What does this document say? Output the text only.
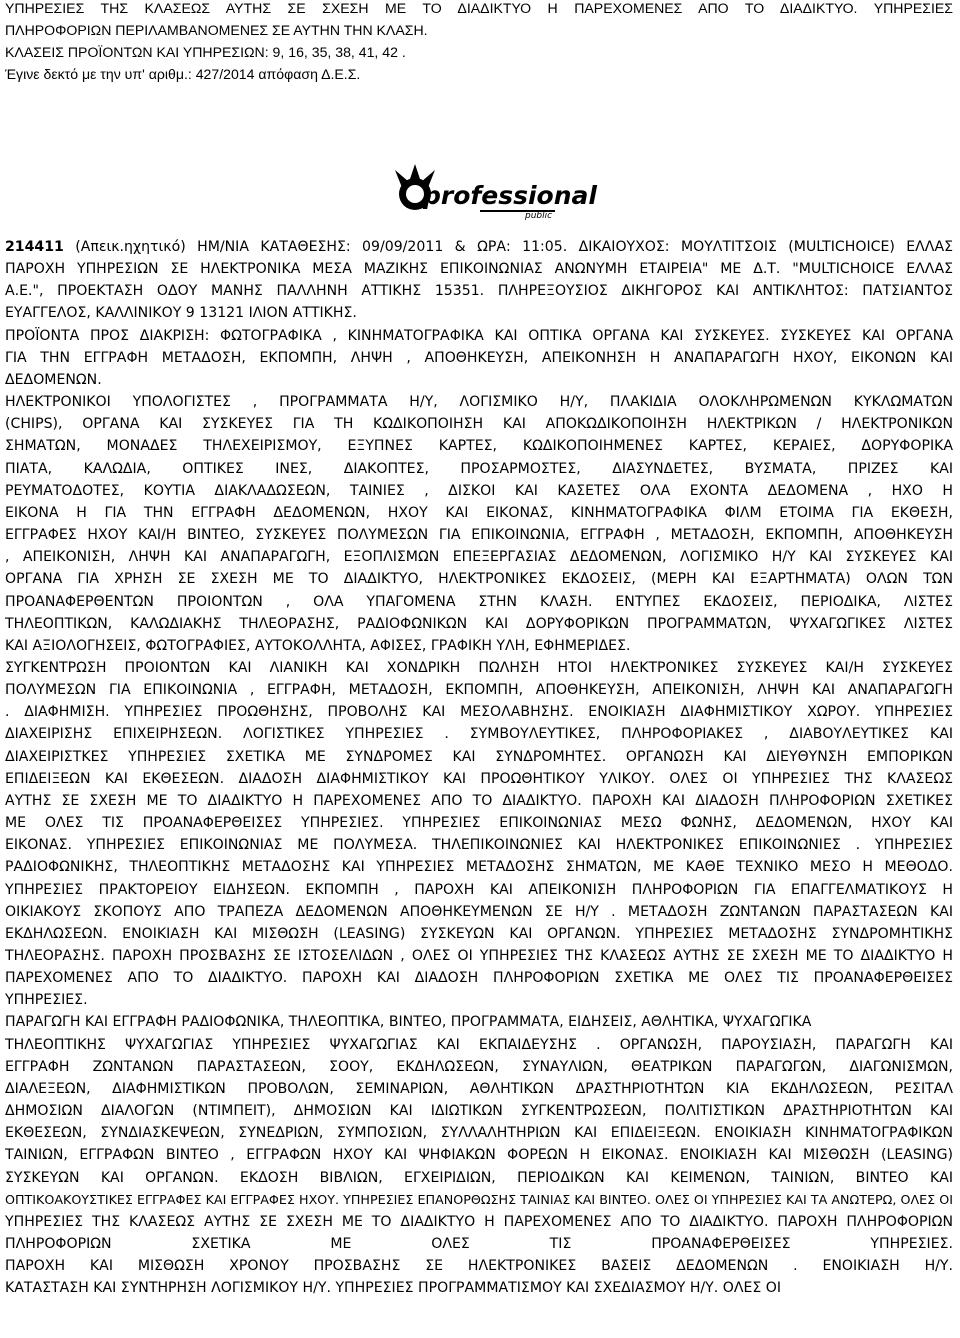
ΥΠΗΡΕΣΙΕΣ ΤΗΣ ΚΛΑΣΕΩΣ ΑΥΤΗΣ ΣΕ ΣΧΕΣΗ ΜΕ ΤΟ ΔΙΑΔΙΚΤΥΟ Η ΠΑΡΕΧΟΜΕΝΕΣ ΑΠΟ ΤΟ ΔΙΑΔΙΚΤΥΟ. ΥΠΗΡΕΣΙΕΣ
ΠΛΗΡΟΦΟΡΙΩΝ ΠΕΡΙΛΑΜΒΑΝΟΜΕΝΕΣ ΣΕ ΑΥΤΗΝ ΤΗΝ ΚΛΑΣΗ.
ΚΛΑΣΕΙΣ ΠΡΟΪΟΝΤΩΝ ΚΑΙ ΥΠΗΡΕΣΙΩΝ: 9, 16, 35, 38, 41, 42 .
Έγινε δεκτό με την υπ' αριθμ.: 427/2014 απόφαση Δ.Ε.Σ.
professional
public
214411 (Απεικ.ηχητικό) ΗΜ/ΝΙΑ ΚΑΤΑΘΕΣΗΣ: 09/09/2011 & ΩΡΑ: 11:05. ΔΙΚΑΙΟΥΧΟΣ: ΜΟΥΛΤΙΤΣΟΙΣ (MULTICHOICE) ΕΛΛΑΣ
ΠΑΡΟΧΗ ΥΠΗΡΕΣΙΩΝ ΣΕ ΗΛΕΚΤΡΟΝΙΚΑ ΜΕΣΑ ΜΑΖΙΚΗΣ ΕΠΙΚΟΙΝΩΝΙΑΣ ΑΝΩΝΥΜΗ ΕΤΑΙΡΕΙΑ" ΜΕ Δ.Τ. "MULTICHOICE ΕΛΛΑΣ
Α.Ε.", ΠΡΟΕΚΤΑΣΗ ΟΔΟΥ ΜΑΝΗΣ ΠΑΛΛΗΝΗ ΑΤΤΙΚΗΣ 15351. ΠΛΗΡΕΞΟΥΣΙΟΣ ΔΙΚΗΓΟΡΟΣ ΚΑΙ ΑΝΤΙΚΛΗΤΟΣ: ΠΑΤΣΙΑΝΤΟΣ
ΕΥΑΓΓΕΛΟΣ, ΚΑΛΛΙΝΙΚΟΥ 9 13121 ΙΛΙΟΝ ΑΤΤΙΚΗΣ.
ΠΡΟΪΟΝΤΑ ΠΡΟΣ ΔΙΑΚΡΙΣΗ: ΦΩΤΟΓΡΑΦΙΚΑ , ΚΙΝΗΜΑΤΟΓΡΑΦΙΚΑ ΚΑΙ ΟΠΤΙΚΑ ΟΡΓΑΝΑ ΚΑΙ ΣΥΣΚΕΥΕΣ. ΣΥΣΚΕΥΕΣ ΚΑΙ ΟΡΓΑΝΑ
ΓΙΑ ΤΗΝ ΕΓΓΡΑΦΗ ΜΕΤΑΔΟΣΗ, ΕΚΠΟΜΠΗ, ΛΗΨΗ , ΑΠΟΘΗΚΕΥΣΗ, ΑΠΕΙΚΟΝΗΣΗ Η ΑΝΑΠΑΡΑΓΩΓΗ ΗΧΟΥ, ΕΙΚΟΝΩΝ ΚΑΙ
ΔΕΔΟΜΕΝΩΝ.
ΗΛΕΚΤΡΟΝΙΚΟΙ ΥΠΟΛΟΓΙΣΤΕΣ , ΠΡΟΓΡΑΜΜΑΤΑ Η/Υ, ΛΟΓΙΣΜΙΚΟ Η/Υ, ΠΛΑΚΙΔΙΑ ΟΛΟΚΛΗΡΩΜΕΝΩΝ ΚΥΚΛΩΜΑΤΩΝ
(CHIPS), ΟΡΓΑΝΑ ΚΑΙ ΣΥΣΚΕΥΕΣ ΓΙΑ ΤΗ ΚΩΔΙΚΟΠΟΙΗΣΗ ΚΑΙ ΑΠΟΚΩΔΙΚΟΠΟΙΗΣΗ ΗΛΕΚΤΡΙΚΩΝ / ΗΛΕΚΤΡΟΝΙΚΩΝ
ΣΗΜΑΤΩΝ, ΜΟΝΑΔΕΣ ΤΗΛΕΧΕΙΡΙΣΜΟΥ, ΕΞΥΠΝΕΣ ΚΑΡΤΕΣ, ΚΩΔΙΚΟΠΟΙΗΜΕΝΕΣ ΚΑΡΤΕΣ, ΚΕΡΑΙΕΣ, ΔΟΡΥΦΟΡΙΚΑ
ΠΙΑΤΑ, ΚΑΛΩΔΙΑ, ΟΠΤΙΚΕΣ ΙΝΕΣ, ΔΙΑΚΟΠΤΕΣ, ΠΡΟΣΑΡΜΟΣΤΕΣ, ΔΙΑΣΥΝΔΕΤΕΣ, ΒΥΣΜΑΤΑ, ΠΡΙΖΕΣ ΚΑΙ
ΡΕΥΜΑΤΟΔΟΤΕΣ, ΚΟΥΤΙΑ ΔΙΑΚΛΑΔΩΣΕΩΝ, ΤΑΙΝΙΕΣ , ΔΙΣΚΟΙ ΚΑΙ ΚΑΣΕΤΕΣ ΟΛΑ ΕΧΟΝΤΑ ΔΕΔΟΜΕΝΑ , ΗΧΟ Η
ΕΙΚΟΝΑ Η ΓΙΑ ΤΗΝ ΕΓΓΡΑΦΗ ΔΕΔΟΜΕΝΩΝ, ΗΧΟΥ ΚΑΙ ΕΙΚΟΝΑΣ, ΚΙΝΗΜΑΤΟΓΡΑΦΙΚΑ ΦΙΛΜ ΕΤΟΙΜΑ ΓΙΑ ΕΚΘΕΣΗ,
ΕΓΓΡΑΦΕΣ ΗΧΟΥ ΚΑΙ/Η ΒΙΝΤΕΟ, ΣΥΣΚΕΥΕΣ ΠΟΛΥΜΕΣΩΝ ΓΙΑ ΕΠΙΚΟΙΝΩΝΙΑ, ΕΓΓΡΑΦΗ , ΜΕΤΑΔΟΣΗ, ΕΚΠΟΜΠΗ, ΑΠΟΘΗΚΕΥΣΗ
, ΑΠΕΙΚΟΝΙΣΗ, ΛΗΨΗ ΚΑΙ ΑΝΑΠΑΡΑΓΩΓΗ, ΕΞΟΠΛΙΣΜΩΝ ΕΠΕΞΕΡΓΑΣΙΑΣ ΔΕΔΟΜΕΝΩΝ, ΛΟΓΙΣΜΙΚΟ Η/Υ ΚΑΙ ΣΥΣΚΕΥΕΣ ΚΑΙ
ΟΡΓΑΝΑ ΓΙΑ ΧΡΗΣΗ ΣΕ ΣΧΕΣΗ ΜΕ ΤΟ ΔΙΑΔΙΚΤΥΟ, ΗΛΕΚΤΡΟΝΙΚΕΣ ΕΚΔΟΣΕΙΣ, (ΜΕΡΗ ΚΑΙ ΕΞΑΡΤΗΜΑΤΑ) ΟΛΩΝ ΤΩΝ
ΠΡΟΑΝΑΦΕΡΘΕΝΤΩΝ ΠΡΟΙΟΝΤΩΝ , ΟΛΑ ΥΠΑΓΟΜΕΝΑ ΣΤΗΝ ΚΛΑΣΗ. ΕΝΤΥΠΕΣ ΕΚΔΟΣΕΙΣ, ΠΕΡΙΟΔΙΚΑ, ΛΙΣΤΕΣ
ΤΗΛΕΟΠΤΙΚΩΝ, ΚΑΛΩΔΙΑΚΗΣ ΤΗΛΕΟΡΑΣΗΣ, ΡΑΔΙΟΦΩΝΙΚΩΝ ΚΑΙ ΔΟΡΥΦΟΡΙΚΩΝ ΠΡΟΓΡΑΜΜΑΤΩΝ, ΨΥΧΑΓΩΓΙΚΕΣ ΛΙΣΤΕΣ
ΚΑΙ ΑΞΙΟΛΟΓΗΣΕΙΣ, ΦΩΤΟΓΡΑΦΙΕΣ, ΑΥΤΟΚΟΛΛΗΤΑ, ΑΦΙΣΕΣ, ΓΡΑΦΙΚΗ ΥΛΗ, ΕΦΗΜΕΡΙΔΕΣ.
ΣΥΓΚΕΝΤΡΩΣΗ ΠΡΟΙΟΝΤΩΝ ΚΑΙ ΛΙΑΝΙΚΗ ΚΑΙ ΧΟΝΔΡΙΚΗ ΠΩΛΗΣΗ ΗΤΟΙ ΗΛΕΚΤΡΟΝΙΚΕΣ ΣΥΣΚΕΥΕΣ ΚΑΙ/Η ΣΥΣΚΕΥΕΣ
ΠΟΛΥΜΕΣΩΝ ΓΙΑ ΕΠΙΚΟΙΝΩΝΙΑ , ΕΓΓΡΑΦΗ, ΜΕΤΑΔΟΣΗ, ΕΚΠΟΜΠΗ, ΑΠΟΘΗΚΕΥΣΗ, ΑΠΕΙΚΟΝΙΣΗ, ΛΗΨΗ ΚΑΙ ΑΝΑΠΑΡΑΓΩΓΗ
. ΔΙΑΦΗΜΙΣΗ. ΥΠΗΡΕΣΙΕΣ ΠΡΟΩΘΗΣΗΣ, ΠΡΟΒΟΛΗΣ ΚΑΙ ΜΕΣΟΛΑΒΗΣΗΣ. ΕΝΟΙΚΙΑΣΗ ΔΙΑΦΗΜΙΣΤΙΚΟΥ ΧΩΡΟΥ. ΥΠΗΡΕΣΙΕΣ
ΔΙΑΧΕΙΡΙΣΗΣ ΕΠΙΧΕΙΡΗΣΕΩΝ. ΛΟΓΙΣΤΙΚΕΣ ΥΠΗΡΕΣΙΕΣ . ΣΥΜΒΟΥΛΕΥΤΙΚΕΣ, ΠΛΗΡΟΦΟΡΙΑΚΕΣ , ΔΙΑΒΟΥΛΕΥΤΙΚΕΣ ΚΑΙ
ΔΙΑΧΕΙΡΙΣΤΚΕΣ ΥΠΗΡΕΣΙΕΣ ΣΧΕΤΙΚΑ ΜΕ ΣΥΝΔΡΟΜΕΣ ΚΑΙ ΣΥΝΔΡΟΜΗΤΕΣ. ΟΡΓΑΝΩΣΗ ΚΑΙ ΔΙΕΥΘΥΝΣΗ ΕΜΠΟΡΙΚΩΝ
ΕΠΙΔΕΙΞΕΩΝ ΚΑΙ ΕΚΘΕΣΕΩΝ. ΔΙΑΔΟΣΗ ΔΙΑΦΗΜΙΣΤΙΚΟΥ ΚΑΙ ΠΡΟΩΘΗΤΙΚΟΥ ΥΛΙΚΟΥ. ΟΛΕΣ ΟΙ ΥΠΗΡΕΣΙΕΣ ΤΗΣ ΚΛΑΣΕΩΣ
ΑΥΤΗΣ ΣΕ ΣΧΕΣΗ ΜΕ ΤΟ ΔΙΑΔΙΚΤΥΟ Η ΠΑΡΕΧΟΜΕΝΕΣ ΑΠΟ ΤΟ ΔΙΑΔΙΚΤΥΟ. ΠΑΡΟΧΗ ΚΑΙ ΔΙΑΔΟΣΗ ΠΛΗΡΟΦΟΡΙΩΝ ΣΧΕΤΙΚΕΣ
ΜΕ ΟΛΕΣ ΤΙΣ ΠΡΟΑΝΑΦΕΡΘΕΙΣΕΣ ΥΠΗΡΕΣΙΕΣ. ΥΠΗΡΕΣΙΕΣ ΕΠΙΚΟΙΝΩΝΙΑΣ ΜΕΣΩ ΦΩΝΗΣ, ΔΕΔΟΜΕΝΩΝ, ΗΧΟΥ ΚΑΙ
ΕΙΚΟΝΑΣ. ΥΠΗΡΕΣΙΕΣ ΕΠΙΚΟΙΝΩΝΙΑΣ ΜΕ ΠΟΛΥΜΕΣΑ. ΤΗΛΕΠΙΚΟΙΝΩΝΙΕΣ ΚΑΙ ΗΛΕΚΤΡΟΝΙΚΕΣ ΕΠΙΚΟΙΝΩΝΙΕΣ . ΥΠΗΡΕΣΙΕΣ
ΡΑΔΙΟΦΩΝΙΚΗΣ, ΤΗΛΕΟΠΤΙΚΗΣ ΜΕΤΑΔΟΣΗΣ ΚΑΙ ΥΠΗΡΕΣΙΕΣ ΜΕΤΑΔΟΣΗΣ ΣΗΜΑΤΩΝ, ΜΕ ΚΑΘΕ ΤΕΧΝΙΚΟ ΜΕΣΟ Η ΜΕΘΟΔΟ.
ΥΠΗΡΕΣΙΕΣ ΠΡΑΚΤΟΡΕΙΟΥ ΕΙΔΗΣΕΩΝ. ΕΚΠΟΜΠΗ , ΠΑΡΟΧΗ ΚΑΙ ΑΠΕΙΚΟΝΙΣΗ ΠΛΗΡΟΦΟΡΙΩΝ ΓΙΑ ΕΠΑΓΓΕΛΜΑΤΙΚΟΥΣ Η
ΟΙΚΙΑΚΟΥΣ ΣΚΟΠΟΥΣ ΑΠΟ ΤΡΑΠΕΖΑ ΔΕΔΟΜΕΝΩΝ ΑΠΟΘΗΚΕΥΜΕΝΩΝ ΣΕ Η/Υ . ΜΕΤΑΔΟΣΗ ΖΩΝΤΑΝΩΝ ΠΑΡΑΣΤΑΣΕΩΝ ΚΑΙ
ΕΚΔΗΛΩΣΕΩΝ. ΕΝΟΙΚΙΑΣΗ ΚΑΙ ΜΙΣΘΩΣΗ (LEASING) ΣΥΣΚΕΥΩΝ ΚΑΙ ΟΡΓΑΝΩΝ. ΥΠΗΡΕΣΙΕΣ ΜΕΤΑΔΟΣΗΣ ΣΥΝΔΡΟΜΗΤΙΚΗΣ
ΤΗΛΕΟΡΑΣΗΣ. ΠΑΡΟΧΗ ΠΡΟΣΒΑΣΗΣ ΣΕ ΙΣΤΟΣΕΛΙΔΩΝ , ΟΛΕΣ ΟΙ ΥΠΗΡΕΣΙΕΣ ΤΗΣ ΚΛΑΣΕΩΣ ΑΥΤΗΣ ΣΕ ΣΧΕΣΗ ΜΕ ΤΟ ΔΙΑΔΙΚΤΥΟ Η
ΠΑΡΕΧΟΜΕΝΕΣ ΑΠΟ ΤΟ ΔΙΑΔΙΚΤΥΟ. ΠΑΡΟΧΗ ΚΑΙ ΔΙΑΔΟΣΗ ΠΛΗΡΟΦΟΡΙΩΝ ΣΧΕΤΙΚΑ ΜΕ ΟΛΕΣ ΤΙΣ ΠΡΟΑΝΑΦΕΡΘΕΙΣΕΣ
ΥΠΗΡΕΣΙΕΣ.
ΠΑΡΑΓΩΓΗ ΚΑΙ ΕΓΓΡΑΦΗ ΡΑΔΙΟΦΩΝΙΚΑ, ΤΗΛΕΟΠΤΙΚΑ, ΒΙΝΤΕΟ, ΠΡΟΓΡΑΜΜΑΤΑ, ΕΙΔΗΣΕΙΣ, ΑΘΛΗΤΙΚΑ, ΨΥΧΑΓΩΓΙΚΑ
ΤΗΛΕΟΠΤΙΚΗΣ ΨΥΧΑΓΩΓΙΑΣ ΥΠΗΡΕΣΙΕΣ ΨΥΧΑΓΩΓΙΑΣ ΚΑΙ ΕΚΠΑΙΔΕΥΣΗΣ . ΟΡΓΑΝΩΣΗ, ΠΑΡΟΥΣΙΑΣΗ, ΠΑΡΑΓΩΓΗ ΚΑΙ
ΕΓΓΡΑΦΗ ΖΩΝΤΑΝΩΝ ΠΑΡΑΣΤΑΣΕΩΝ, ΣΟΟΥ, ΕΚΔΗΛΩΣΕΩΝ, ΣΥΝΑΥΛΙΩΝ, ΘΕΑΤΡΙΚΩΝ ΠΑΡΑΓΩΓΩΝ, ΔΙΑΓΩΝΙΣΜΩΝ,
ΔΙΑΛΕΞΕΩΝ, ΔΙΑΦΗΜΙΣΤΙΚΩΝ ΠΡΟΒΟΛΩΝ, ΣΕΜΙΝΑΡΙΩΝ, ΑΘΛΗΤΙΚΩΝ ΔΡΑΣΤΗΡΙΟΤΗΤΩΝ ΚΙΑ ΕΚΔΗΛΩΣΕΩΝ, ΡΕΣΙΤΑΛ
ΔΗΜΟΣΙΩΝ ΔΙΑΛΟΓΩΝ (ΝΤΙΜΠΕΙΤ), ΔΗΜΟΣΙΩΝ ΚΑΙ ΙΔΙΩΤΙΚΩΝ ΣΥΓΚΕΝΤΡΩΣΕΩΝ, ΠΟΛΙΤΙΣΤΙΚΩΝ ΔΡΑΣΤΗΡΙΟΤΗΤΩΝ ΚΑΙ
ΕΚΘΕΣΕΩΝ, ΣΥΝΔΙΑΣΚΕΨΕΩΝ, ΣΥΝΕΔΡΙΩΝ, ΣΥΜΠΟΣΙΩΝ, ΣΥΛΛΑΛΗΤΗΡΙΩΝ ΚΑΙ ΕΠΙΔΕΙΞΕΩΝ. ΕΝΟΙΚΙΑΣΗ ΚΙΝΗΜΑΤΟΓΡΑΦΙΚΩΝ
ΤΑΙΝΙΩΝ, ΕΓΓΡΑΦΩΝ ΒΙΝΤΕΟ , ΕΓΓΡΑΦΩΝ ΗΧΟΥ ΚΑΙ ΨΗΦΙΑΚΩΝ ΦΟΡΕΩΝ Η ΕΙΚΟΝΑΣ. ΕΝΟΙΚΙΑΣΗ ΚΑΙ ΜΙΣΘΩΣΗ (LEASING)
ΣΥΣΚΕΥΩΝ ΚΑΙ ΟΡΓΑΝΩΝ. ΕΚΔΟΣΗ ΒΙΒΛΙΩΝ, ΕΓΧΕΙΡΙΔΙΩΝ, ΠΕΡΙΟΔΙΚΩΝ ΚΑΙ ΚΕΙΜΕΝΩΝ, ΤΑΙΝΙΩΝ, ΒΙΝΤΕΟ ΚΑΙ
ΟΠΤΙΚΟΑΚΟΥΣΤΙΚΕΣ ΕΓΓΡΑΦΕΣ ΚΑΙ ΕΓΓΡΑΦΕΣ ΗΧΟΥ. ΥΠΗΡΕΣΙΕΣ ΕΠΑΝΟΡΘΩΣΗΣ ΤΑΙΝΙΑΣ ΚΑΙ ΒΙΝΤΕΟ. ΟΛΕΣ ΟΙ ΥΠΗΡΕΣΙΕΣ ΚΑΙ ΤΑ ΑΝΩΤΕΡΩ, ΟΛΕΣ ΟΙ
ΥΠΗΡΕΣΙΕΣ ΤΗΣ ΚΛΑΣΕΩΣ ΑΥΤΗΣ ΣΕ ΣΧΕΣΗ ΜΕ ΤΟ ΔΙΑΔΙΚΤΥΟ Η ΠΑΡΕΧΟΜΕΝΕΣ ΑΠΟ ΤΟ ΔΙΑΔΙΚΤΥΟ. ΠΑΡΟΧΗ ΠΛΗΡΟΦΟΡΙΩΝ
ΠΛΗΡΟΦΟΡΙΩΝ ΣΧΕΤΙΚΑ ΜΕ ΟΛΕΣ ΤΙΣ ΠΡΟΑΝΑΦΕΡΘΕΙΣΕΣ ΥΠΗΡΕΣΙΕΣ.
ΠΑΡΟΧΗ ΚΑΙ ΜΙΣΘΩΣΗ ΧΡΟΝΟΥ ΠΡΟΣΒΑΣΗΣ ΣΕ ΗΛΕΚΤΡΟΝΙΚΕΣ ΒΑΣΕΙΣ ΔΕΔΟΜΕΝΩΝ . ΕΝΟΙΚΙΑΣΗ Η/Υ.
ΚΑΤΑΣΤΑΣΗ ΚΑΙ ΣΥΝΤΗΡΗΣΗ ΛΟΓΙΣΜΙΚΟΥ Η/Υ. ΥΠΗΡΕΣΙΕΣ ΠΡΟΓΡΑΜΜΑΤΙΣΜΟΥ ΚΑΙ ΣΧΕΔΙΑΣΜΟΥ Η/Υ. ΟΛΕΣ ΟΙ
